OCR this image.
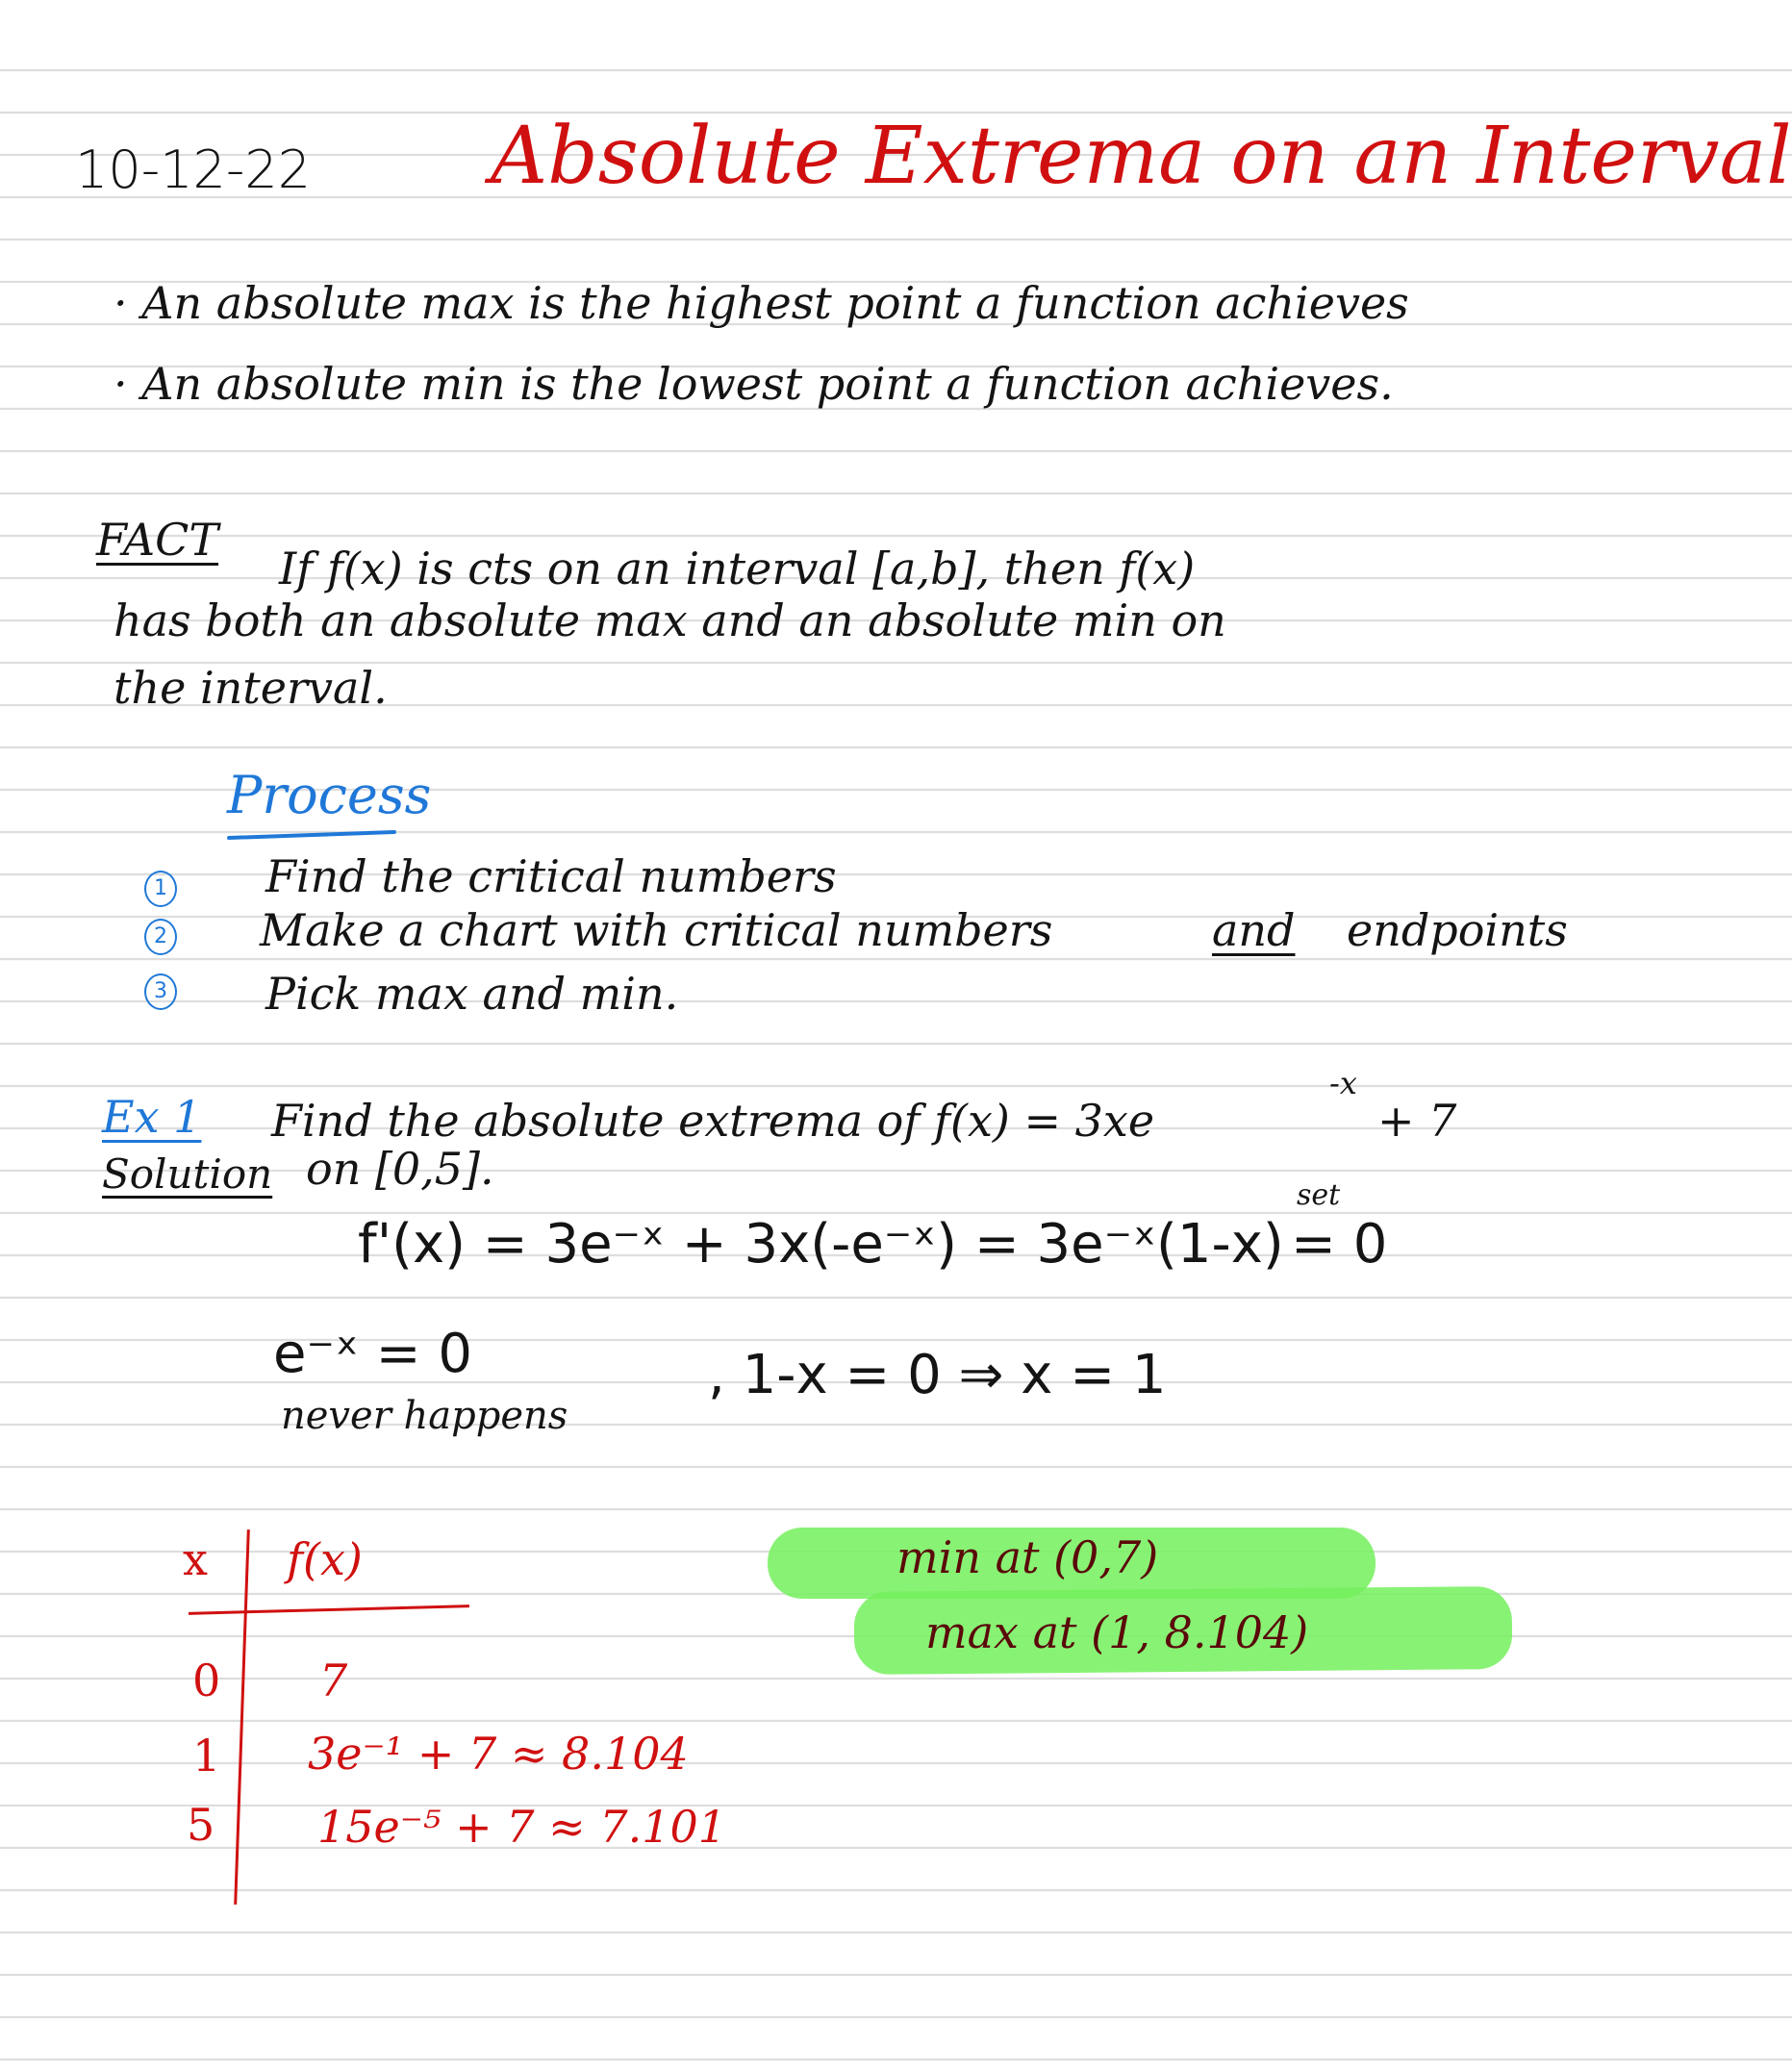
10-12-22 Absolute Extrema on an Interval
· An absolute max is the highest point a function achieves
· An absolute min is the lowest point a function achieves.
FACT
If f(x) is cts on an interval [a,b], then f(x)
has both an absolute max and an absolute min on
the interval.
Process
1 Find the critical numbers
2 Make a chart with critical numbers	and endpoints
3 Pick max and min.
Ex 1 Find the absolute extrema of f(x) = 3xe
-x
+ 7
Solution on [0,5].
f'(x) = 3e⁻ˣ + 3x(-e⁻ˣ) = 3e⁻ˣ(1-x)
set
= 0
e⁻ˣ = 0
never happens
, 1-x = 0 ⇒ x = 1
x f(x)
0 7
1 3e⁻¹ + 7 ≈ 8.104
5 15e⁻⁵ + 7 ≈ 7.101
min at (0,7)
max at (1, 8.104)
